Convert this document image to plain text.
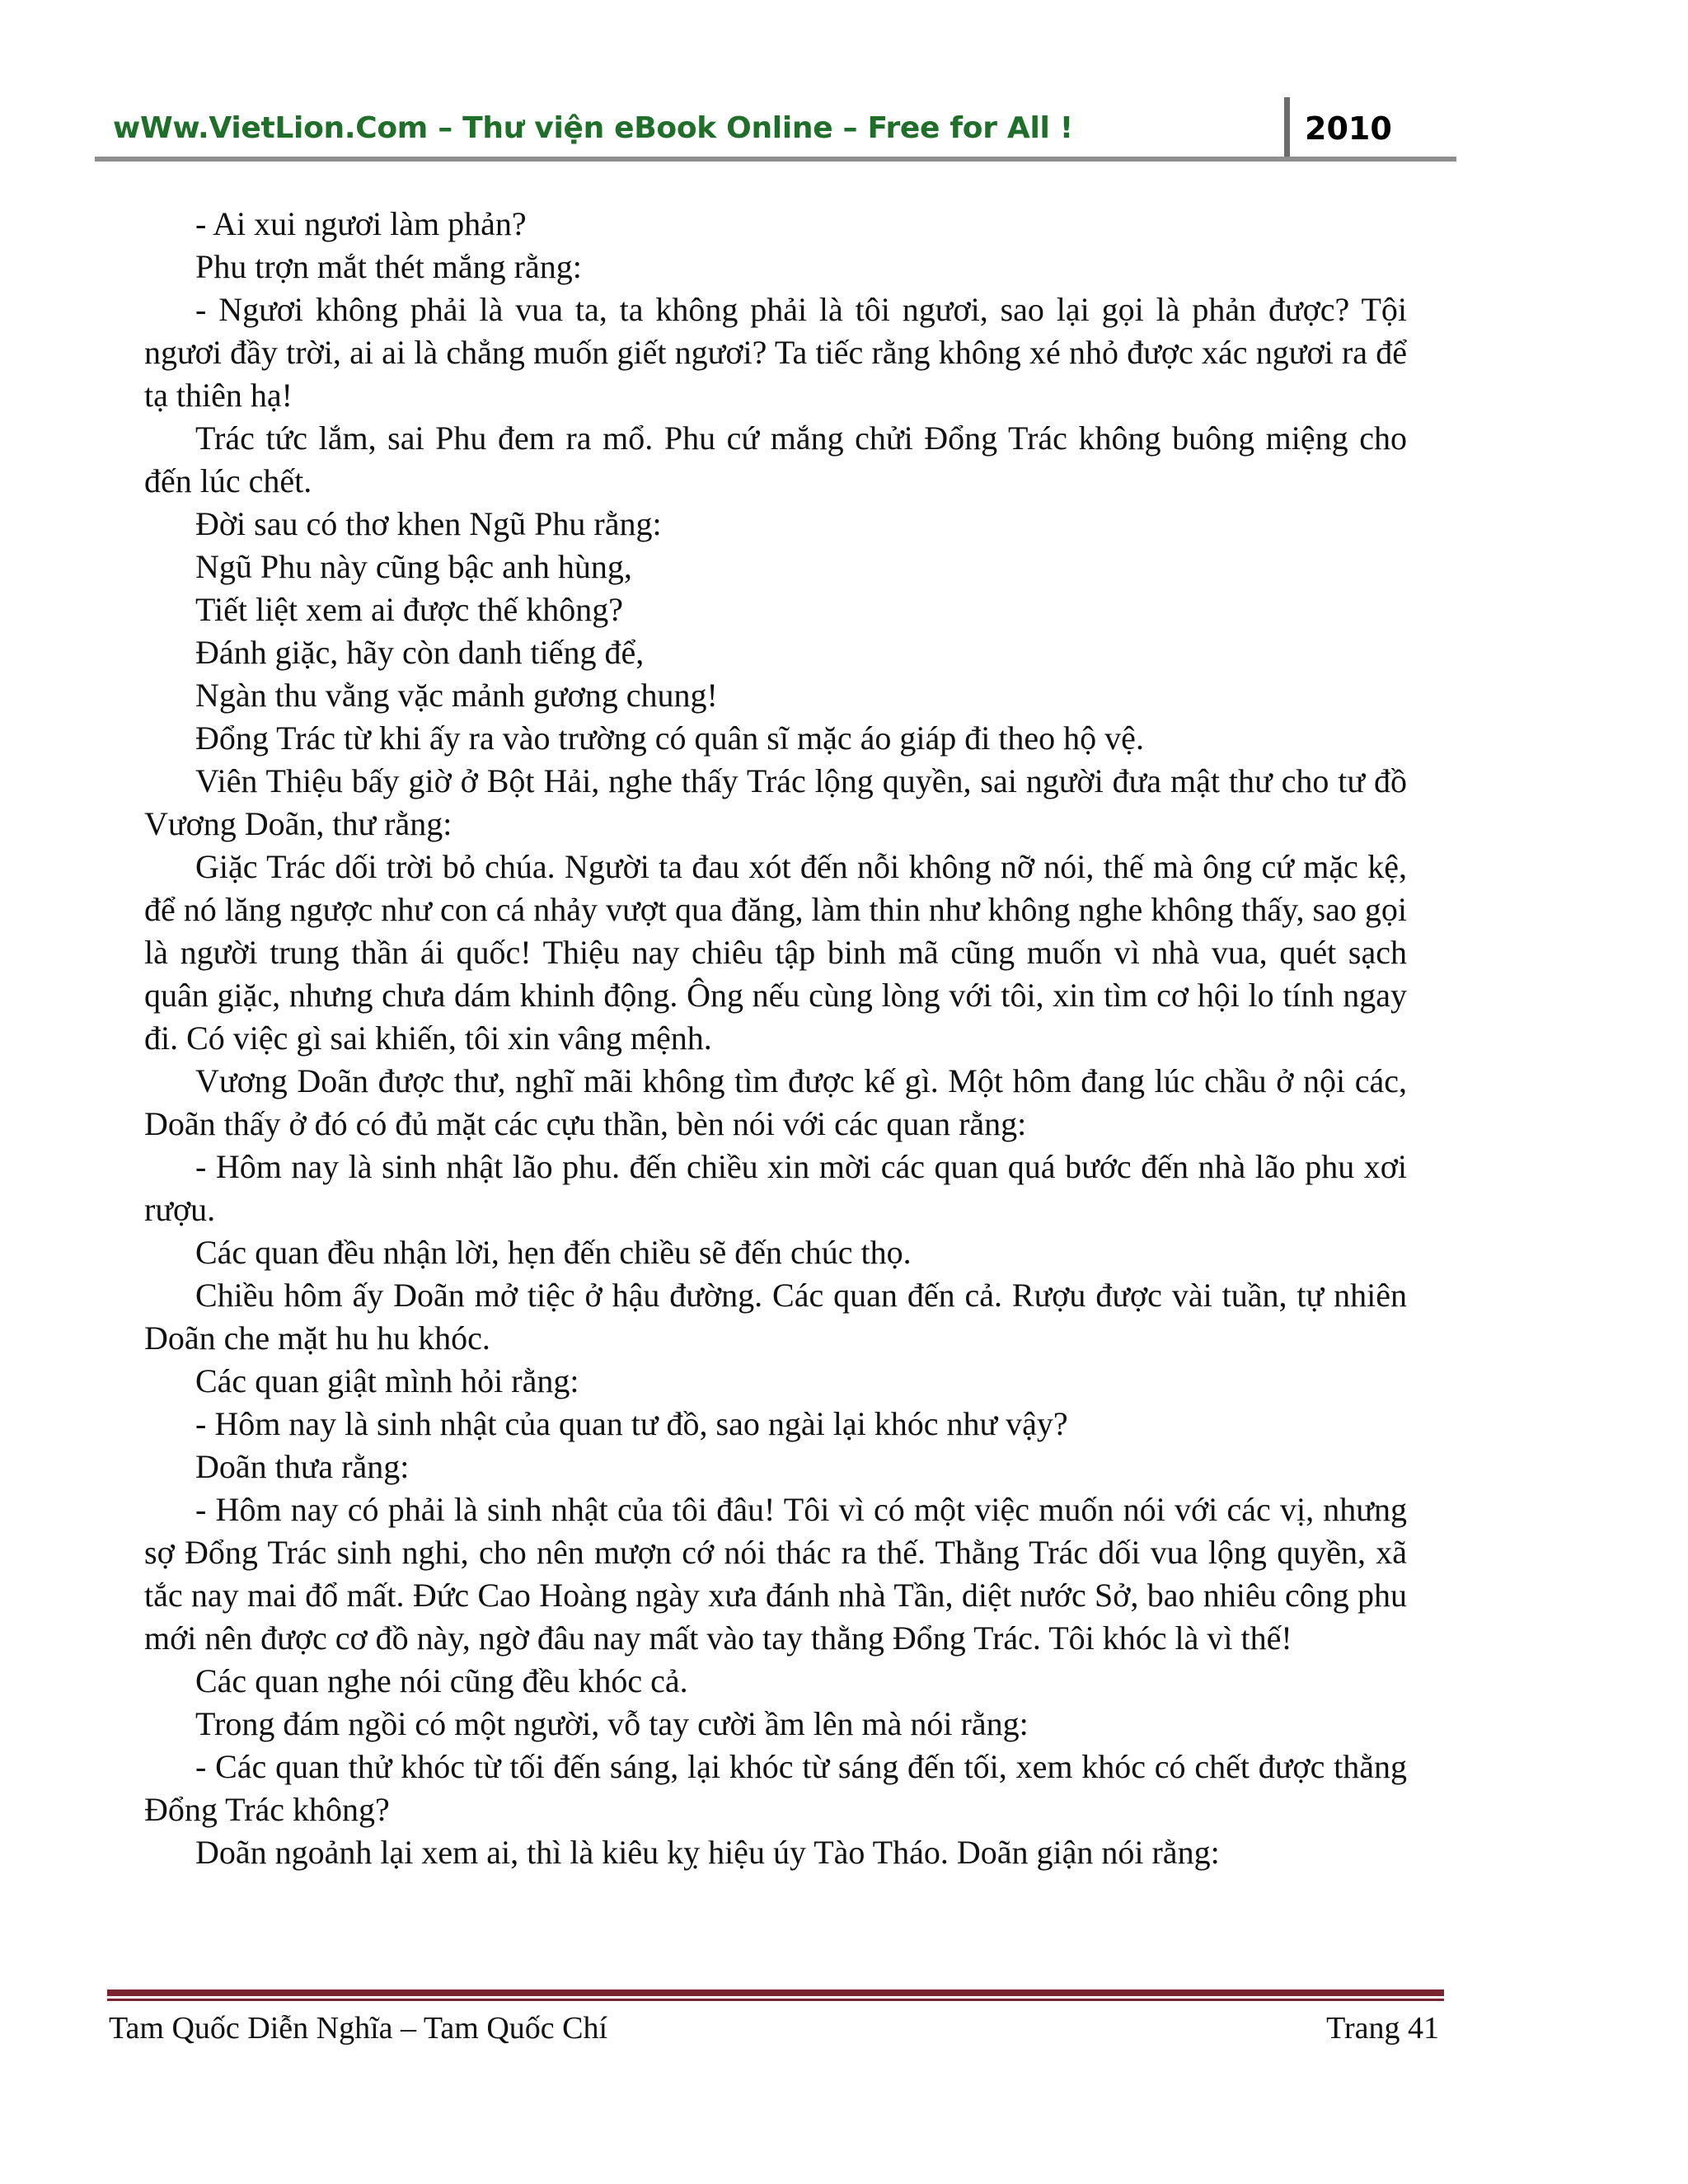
wWw.VietLion.Com – Thư viện eBook Online – Free for All !	2010

- Ai xui ngươi làm phản?

Phu trợn mắt thét mắng rằng:

- Ngươi không phải là vua ta, ta không phải là tôi ngươi, sao lại gọi là phản được? Tội ngươi đầy trời, ai ai là chẳng muốn giết ngươi? Ta tiếc rằng không xé nhỏ được xác ngươi ra để tạ thiên hạ!

Trác tức lắm, sai Phu đem ra mổ. Phu cứ mắng chửi Đổng Trác không buông miệng cho đến lúc chết.

Đời sau có thơ khen Ngũ Phu rằng:

Ngũ Phu này cũng bậc anh hùng,

Tiết liệt xem ai được thế không?

Đánh giặc, hãy còn danh tiếng để,

Ngàn thu vằng vặc mảnh gương chung!

Đổng Trác từ khi ấy ra vào trường có quân sĩ mặc áo giáp đi theo hộ vệ.

Viên Thiệu bấy giờ ở Bột Hải, nghe thấy Trác lộng quyền, sai người đưa mật thư cho tư đồ Vương Doãn, thư rằng:

Giặc Trác dối trời bỏ chúa. Người ta đau xót đến nỗi không nỡ nói, thế mà ông cứ mặc kệ, để nó lăng ngược như con cá nhảy vượt qua đăng, làm thin như không nghe không thấy, sao gọi là người trung thần ái quốc! Thiệu nay chiêu tập binh mã cũng muốn vì nhà vua, quét sạch quân giặc, nhưng chưa dám khinh động. Ông nếu cùng lòng với tôi, xin tìm cơ hội lo tính ngay đi. Có việc gì sai khiến, tôi xin vâng mệnh.

Vương Doãn được thư, nghĩ mãi không tìm được kế gì. Một hôm đang lúc chầu ở nội các, Doãn thấy ở đó có đủ mặt các cựu thần, bèn nói với các quan rằng:

- Hôm nay là sinh nhật lão phu. đến chiều xin mời các quan quá bước đến nhà lão phu xơi rượu.

Các quan đều nhận lời, hẹn đến chiều sẽ đến chúc thọ.

Chiều hôm ấy Doãn mở tiệc ở hậu đường. Các quan đến cả. Rượu được vài tuần, tự nhiên Doãn che mặt hu hu khóc.

Các quan giật mình hỏi rằng:

- Hôm nay là sinh nhật của quan tư đồ, sao ngài lại khóc như vậy?

Doãn thưa rằng:

- Hôm nay có phải là sinh nhật của tôi đâu! Tôi vì có một việc muốn nói với các vị, nhưng sợ Đổng Trác sinh nghi, cho nên mượn cớ nói thác ra thế. Thằng Trác dối vua lộng quyền, xã tắc nay mai đổ mất. Đức Cao Hoàng ngày xưa đánh nhà Tần, diệt nước Sở, bao nhiêu công phu mới nên được cơ đồ này, ngờ đâu nay mất vào tay thằng Đổng Trác. Tôi khóc là vì thế!

Các quan nghe nói cũng đều khóc cả.

Trong đám ngồi có một người, vỗ tay cười ầm lên mà nói rằng:

- Các quan thử khóc từ tối đến sáng, lại khóc từ sáng đến tối, xem khóc có chết được thằng Đổng Trác không?

Doãn ngoảnh lại xem ai, thì là kiêu kỵ hiệu úy Tào Tháo. Doãn giận nói rằng:

Tam Quốc Diễn Nghĩa – Tam Quốc Chí	Trang 41
